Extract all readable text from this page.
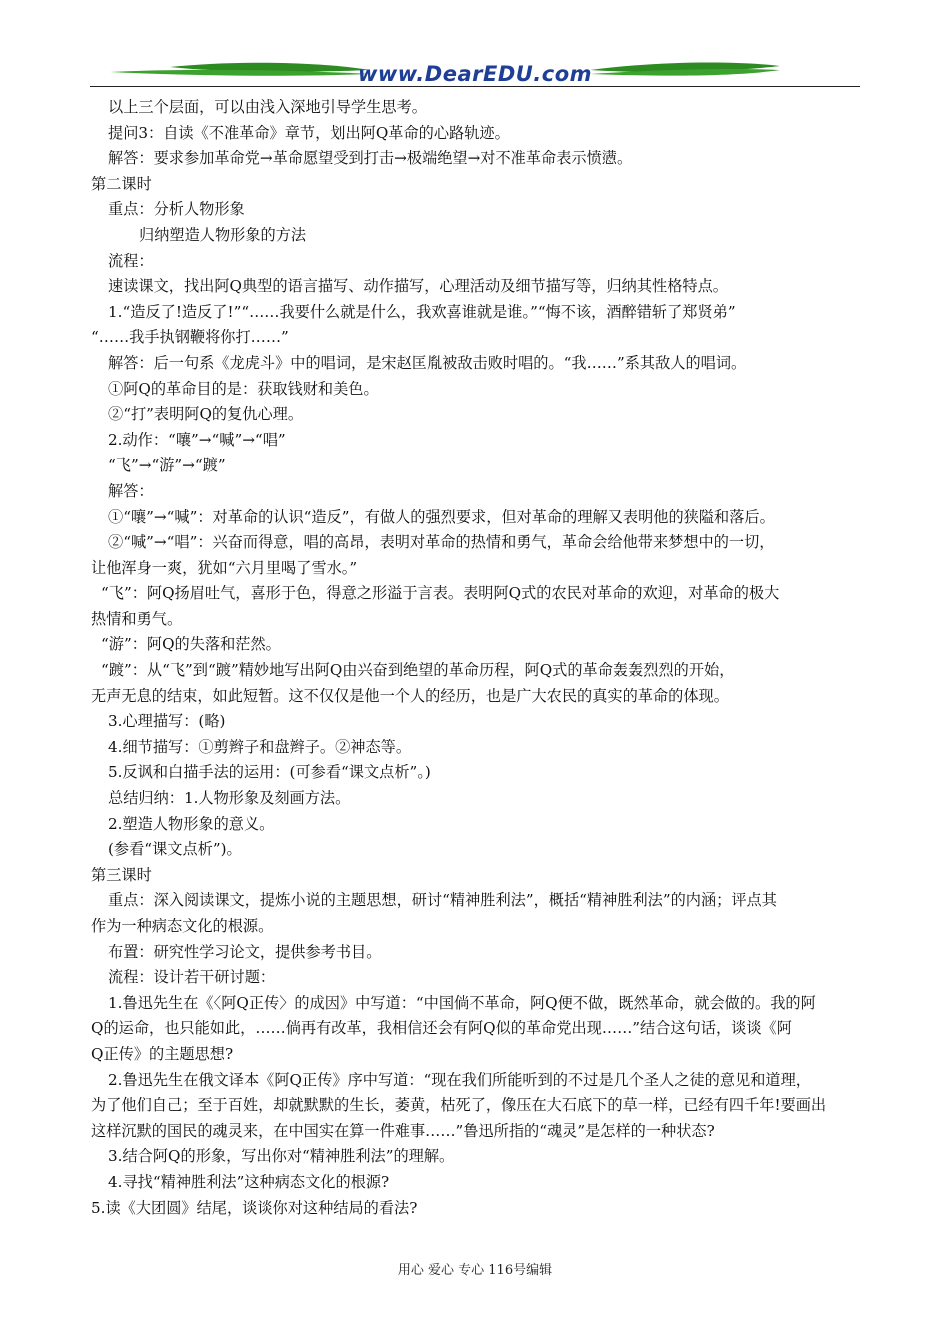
www.DearEDU.com
以上三个层面，可以由浅入深地引导学生思考。
提问3：自读《不准革命》章节，划出阿Q革命的心路轨迹。
解答：要求参加革命党→革命愿望受到打击→极端绝望→对不准革命表示愤懑。
第二课时
重点：分析人物形象
归纳塑造人物形象的方法
流程：
速读课文，找出阿Q典型的语言描写、动作描写，心理活动及细节描写等，归纳其性格特点。
1.“造反了!造反了!”“……我要什么就是什么，我欢喜谁就是谁。”“悔不该，酒醉错斩了郑贤弟”
“……我手执钢鞭将你打……”
解答：后一句系《龙虎斗》中的唱词，是宋赵匡胤被敌击败时唱的。“我……”系其敌人的唱词。
①阿Q的革命目的是：获取钱财和美色。
②“打”表明阿Q的复仇心理。
2.动作：“嚷”→“喊”→“唱”
“飞”→“游”→“踱”
解答：
①“嚷”→“喊”：对革命的认识“造反”，有做人的强烈要求，但对革命的理解又表明他的狭隘和落后。
②“喊”→“唱”：兴奋而得意，唱的高昂，表明对革命的热情和勇气，革命会给他带来梦想中的一切，
让他浑身一爽，犹如“六月里喝了雪水。”
“飞”：阿Q扬眉吐气，喜形于色，得意之形溢于言表。表明阿Q式的农民对革命的欢迎，对革命的极大
热情和勇气。
“游”：阿Q的失落和茫然。
“踱”：从“飞”到“踱”精妙地写出阿Q由兴奋到绝望的革命历程，阿Q式的革命轰轰烈烈的开始，
无声无息的结束，如此短暂。这不仅仅是他一个人的经历，也是广大农民的真实的革命的体现。
3.心理描写：(略)
4.细节描写：①剪辫子和盘辫子。②神态等。
5.反讽和白描手法的运用：(可参看“课文点析”。)
总结归纳：1.人物形象及刻画方法。
2.塑造人物形象的意义。
(参看“课文点析”)。
第三课时
重点：深入阅读课文，提炼小说的主题思想，研讨“精神胜利法”，概括“精神胜利法”的内涵；评点其
作为一种病态文化的根源。
布置：研究性学习论文，提供参考书目。
流程：设计若干研讨题：
1.鲁迅先生在《〈阿Q正传〉的成因》中写道：“中国倘不革命，阿Q便不做，既然革命，就会做的。我的阿
Q的运命，也只能如此，……倘再有改革，我相信还会有阿Q似的革命党出现……”结合这句话，谈谈《阿
Q正传》的主题思想?
2.鲁迅先生在俄文译本《阿Q正传》序中写道：“现在我们所能听到的不过是几个圣人之徒的意见和道理，
为了他们自己；至于百姓，却就默默的生长，萎黄，枯死了，像压在大石底下的草一样，已经有四千年!要画出
这样沉默的国民的魂灵来，在中国实在算一件难事……”鲁迅所指的“魂灵”是怎样的一种状态?
3.结合阿Q的形象，写出你对“精神胜利法”的理解。
4.寻找“精神胜利法”这种病态文化的根源?
5.读《大团圆》结尾，谈谈你对这种结局的看法?
用心 爱心 专心 116号编辑
